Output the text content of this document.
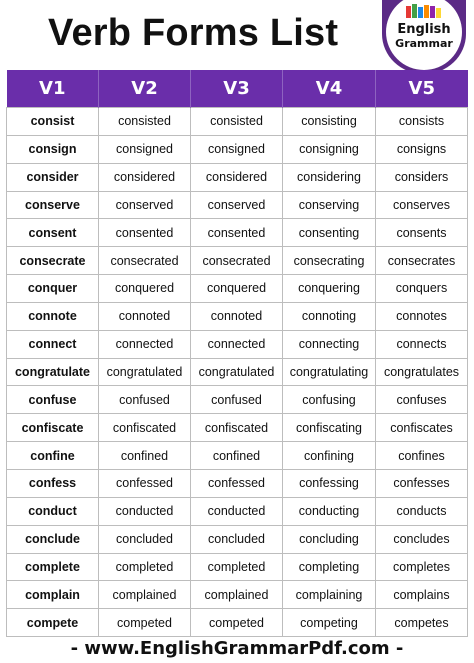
Verb Forms List	English
Grammar
PDF
V1	V2	V3	V4	V5
consist	consisted	consisted	consisting	consists
consign	consigned	consigned	consigning	consigns
consider	considered	considered	considering	considers
conserve	conserved	conserved	conserving	conserves
consent	consented	consented	consenting	consents
consecrate	consecrated	consecrated	consecrating	consecrates
conquer	conquered	conquered	conquering	conquers
connote	connoted	connoted	connoting	connotes
connect	connected	connected	connecting	connects
congratulate	congratulated	congratulated	congratulating	congratulates
confuse	confused	confused	confusing	confuses
confiscate	confiscated	confiscated	confiscating	confiscates
confine	confined	confined	confining	confines
confess	confessed	confessed	confessing	confesses
conduct	conducted	conducted	conducting	conducts
conclude	concluded	concluded	concluding	concludes
complete	completed	completed	completing	completes
complain	complained	complained	complaining	complains
compete	competed	competed	competing	competes
- www.EnglishGrammarPdf.com -
